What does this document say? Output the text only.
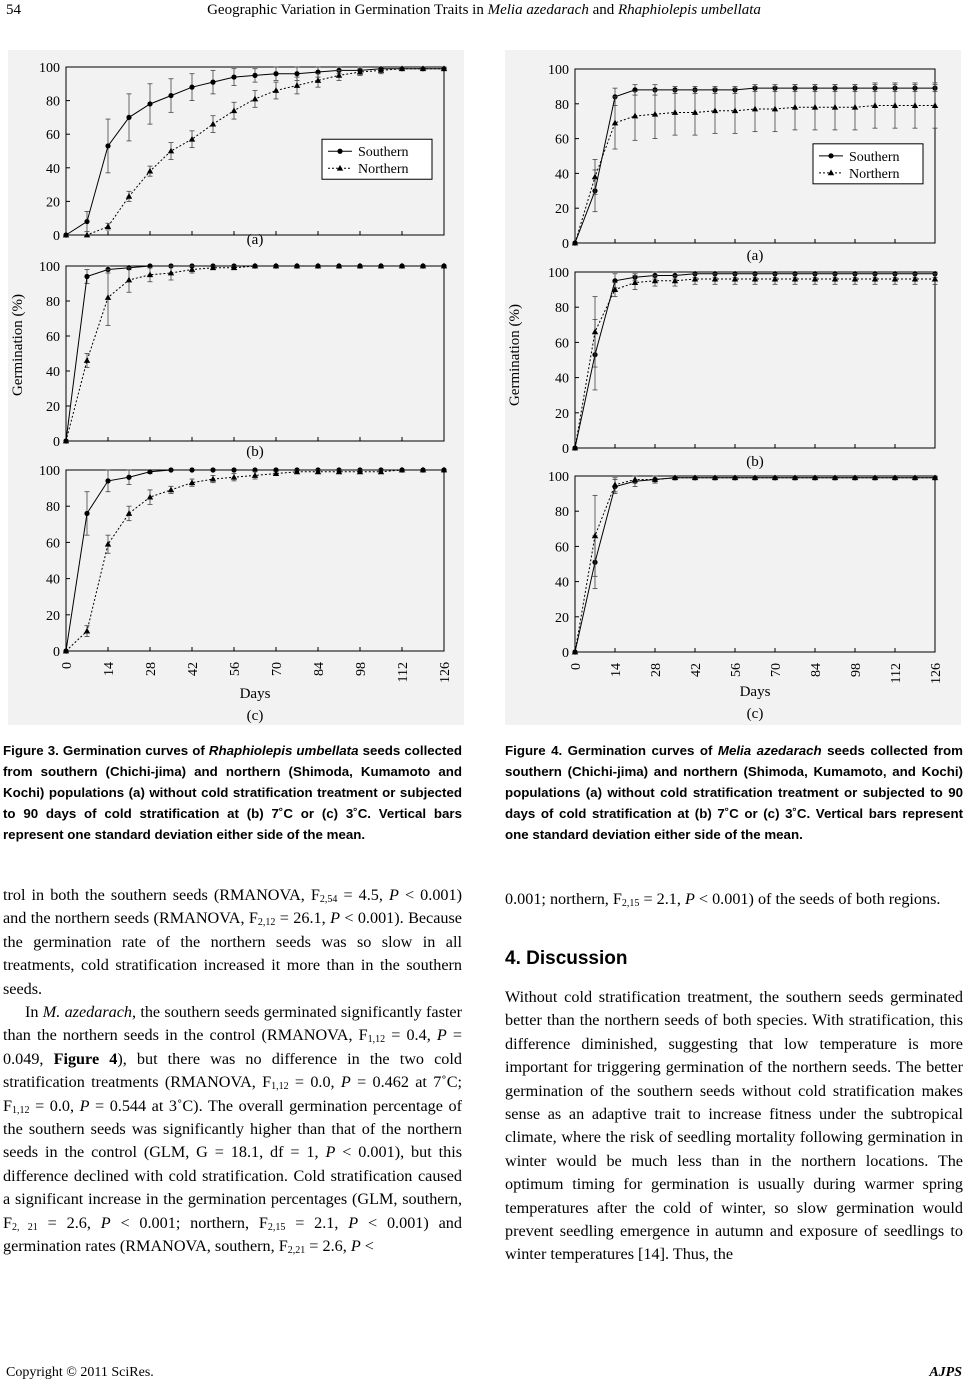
54	Geographic Variation in Germination Traits in Melia azedarach and Rhaphiolepis umbellata
0
20
40
60
80
100
Southern
Northern
(a)
0
20
40
60
80
100
(b)
Germination (%)
0
20
40
60
80
100
(c)
0 14 28 42 56 70 84 98 112 126
Days
0
20
40
60
80
100
Southern
Northern
(a)
0
20
40
60
80
100
(b)
Germination (%)
0
20
40
60
80
100
(c)
0 14 28 42 56 70 84 98 112 126
Days
Figure 3. Germination curves of Rhaphiolepis umbellata seeds collected from southern (Chichi-jima) and northern (Shimoda, Kumamoto and Kochi) populations (a) without cold stratification treatment or subjected to 90 days of cold stratification at (b) 7˚C or (c) 3˚C. Vertical bars represent one standard deviation either side of the mean.
Figure 4. Germination curves of Melia azedarach seeds collected from southern (Chichi-jima) and northern (Shimoda, Kumamoto, and Kochi) populations (a) without cold stratification treatment or subjected to 90 days of cold stratification at (b) 7˚C or (c) 3˚C. Vertical bars represent one standard deviation either side of the mean.

trol in both the southern seeds (RMANOVA, $F_{2,54} = 4.5$, P < 0.001) and the northern seeds (RMANOVA, $F_{2,12} = 26.1$, P < 0.001). Because the germination rate of the northern seeds was so slow in all treatments, cold stratification increased it more than in the southern seeds.

In M. azedarach, the southern seeds germinated significantly faster than the northern seeds in the control (RMANOVA, $F_{1,12} = 0.4$, P = 0.049, Figure 4), but there was no difference in the two cold stratification treatments (RMANOVA, $F_{1,12} = 0.0$, P = 0.462 at 7˚C; $F_{1,12} = 0.0$, P = 0.544 at 3˚C). The overall germination percentage of the southern seeds was significantly higher than that of the northern seeds in the control (GLM, G = 18.1, df = 1, P < 0.001), but this difference declined with cold stratification. Cold stratification caused a significant increase in the germination percentages (GLM, southern, $F_{2, 21} = 2.6$, P < 0.001; northern, $F_{2,15} = 2.1$, P < 0.001) and germination rates (RMANOVA, southern, $F_{2,21} = 2.6$, P <

0.001; northern, $F_{2,15} = 2.1$, P < 0.001) of the seeds of both regions.

4. Discussion

Without cold stratification treatment, the southern seeds germinated better than the northern seeds of both species. With stratification, this difference diminished, suggesting that low temperature is more important for triggering germination of the northern seeds. The better germination of the southern seeds without cold stratification makes sense as an adaptive trait to increase fitness under the subtropical climate, where the risk of seedling mortality following germination in winter would be much less than in the northern locations. The optimum timing for germination is usually during warmer spring temperatures after the cold of winter, so slow germination would prevent seedling emergence in autumn and exposure of seedlings to winter temperatures [14]. Thus, the

Copyright © 2011 SciRes.	AJPS
